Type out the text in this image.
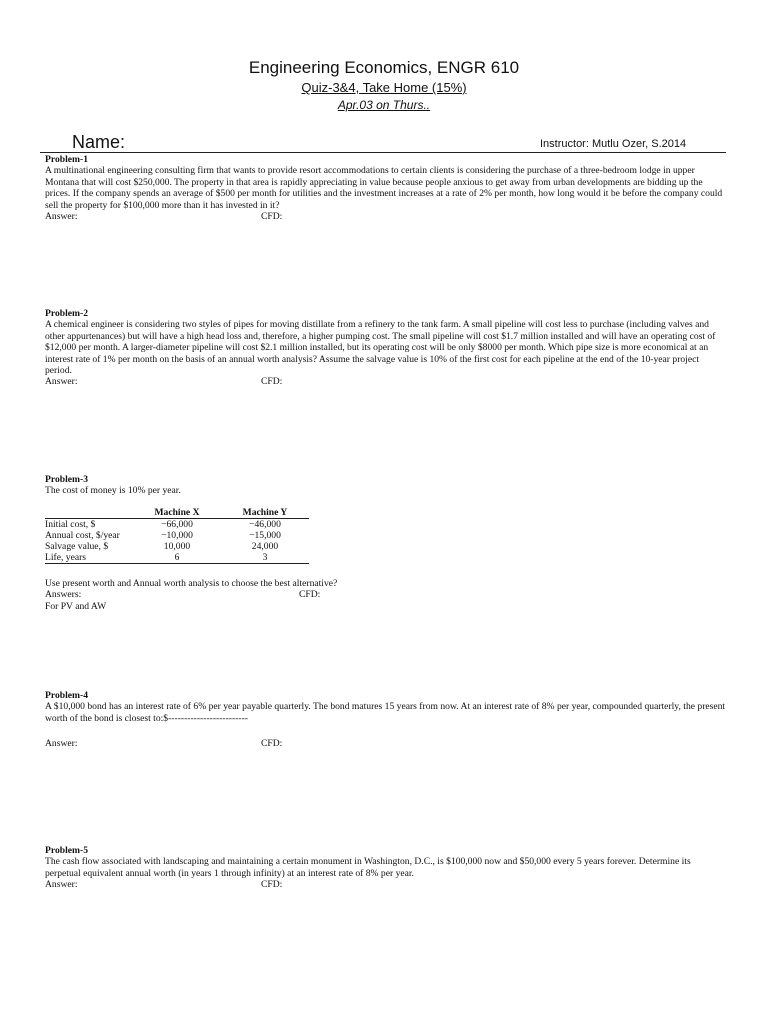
Engineering Economics, ENGR 610
Quiz-3&4, Take Home (15%)
Apr.03 on Thurs..
Name:	Instructor: Mutlu Ozer, S.2014
Problem-1
A multinational engineering consulting firm that wants to provide resort accommodations to certain clients is considering the purchase of a three-bedroom lodge in upper Montana that will cost $250,000. The property in that area is rapidly appreciating in value because people anxious to get away from urban developments are bidding up the prices. If the company spends an average of $500 per month for utilities and the investment increases at a rate of 2% per month, how long would it be before the company could sell the property for $100,000 more than it has invested in it?
Answer:	CFD:
Problem-2
A chemical engineer is considering two styles of pipes for moving distillate from a refinery to the tank farm. A small pipeline will cost less to purchase (including valves and other appurtenances) but will have a high head loss and, therefore, a higher pumping cost. The small pipeline will cost $1.7 million installed and will have an operating cost of $12,000 per month. A larger-diameter pipeline will cost $2.1 million installed, but its operating cost will be only $8000 per month. Which pipe size is more economical at an interest rate of 1% per month on the basis of an annual worth analysis? Assume the salvage value is 10% of the first cost for each pipeline at the end of the 10-year project period.
Answer:	CFD:
Problem-3
The cost of money is 10% per year.
	Machine X	Machine Y
Initial cost, $	−66,000	−46,000
Annual cost, $/year	−10,000	−15,000
Salvage value, $	10,000	24,000
Life, years	6	3
Use present worth and Annual worth analysis to choose the best alternative?
Answers:	CFD:
For PV and AW
Problem-4
A $10,000 bond has an interest rate of 6% per year payable quarterly. The bond matures 15 years from now. At an interest rate of 8% per year, compounded quarterly, the present worth of the bond is closest to:$-------------------------
Answer:	CFD:
Problem-5
The cash flow associated with landscaping and maintaining a certain monument in Washington, D.C., is $100,000 now and $50,000 every 5 years forever. Determine its perpetual equivalent annual worth (in years 1 through infinity) at an interest rate of 8% per year.
Answer:	CFD:
